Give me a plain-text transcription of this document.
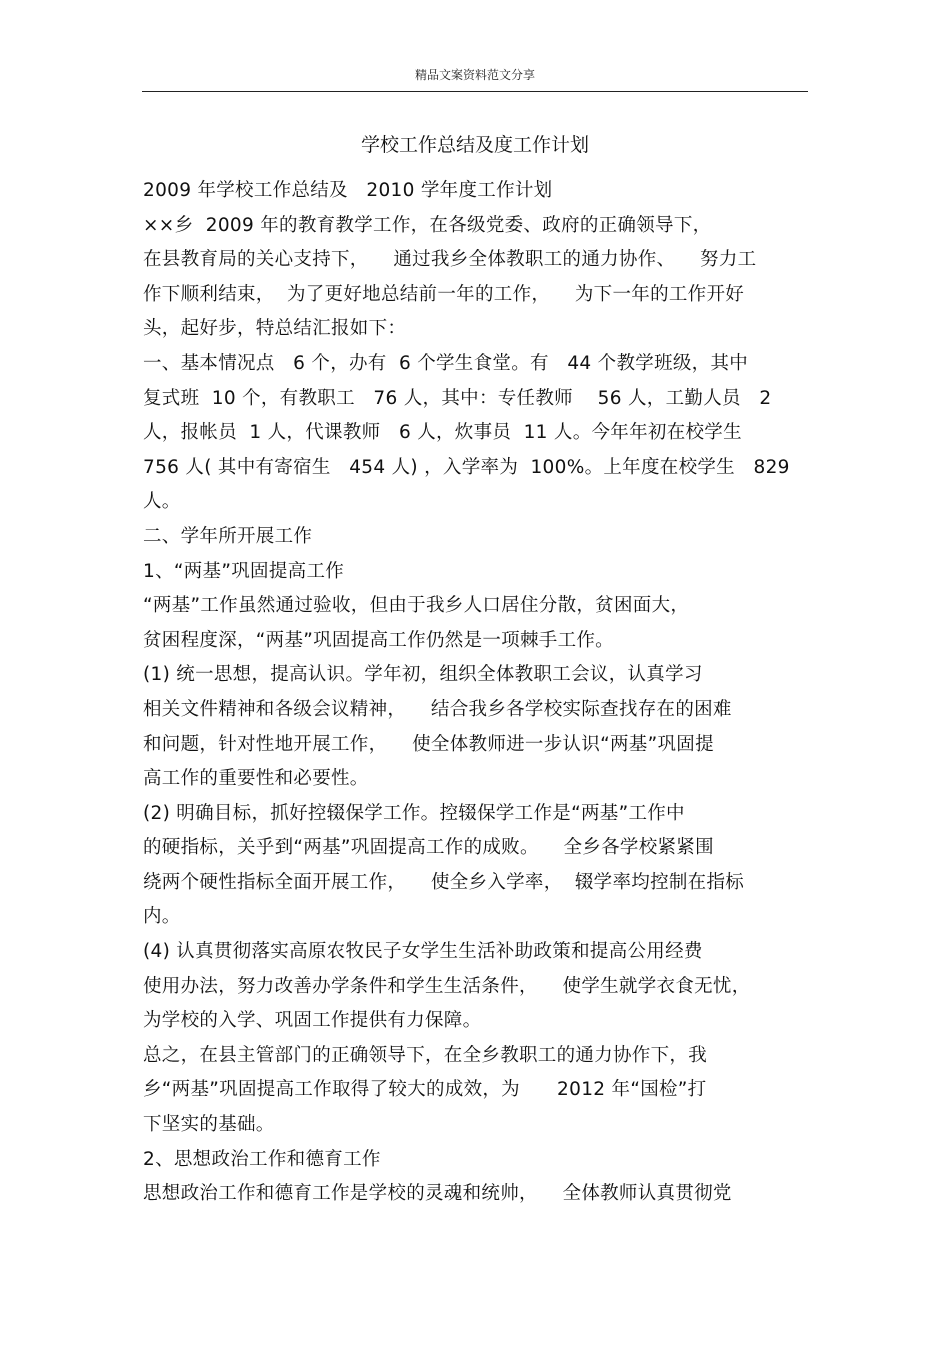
精品文案资料范文分享
学校工作总结及度工作计划
2009 年学校工作总结及   2010 学年度工作计划
××乡  2009 年的教育教学工作，在各级党委、政府的正确领导下，
在县教育局的关心支持下，    通过我乡全体教职工的通力协作、    努力工
作下顺利结束，  为了更好地总结前一年的工作，    为下一年的工作开好
头，起好步，特总结汇报如下：
一、基本情况点   6 个，办有  6 个学生食堂。有   44 个教学班级，其中
复式班  10 个，有教职工   76 人，其中：专任教师    56 人，工勤人员   2
人，报帐员  1 人，代课教师   6 人，炊事员  11 人。今年年初在校学生
756 人( 其中有寄宿生   454 人) ，入学率为  100%。上年度在校学生   829
人。
二、学年所开展工作
1、“两基”巩固提高工作
“两基”工作虽然通过验收，但由于我乡人口居住分散，贫困面大，
贫困程度深，“两基”巩固提高工作仍然是一项棘手工作。
(1) 统一思想，提高认识。学年初，组织全体教职工会议，认真学习
相关文件精神和各级会议精神，    结合我乡各学校实际查找存在的困难
和问题，针对性地开展工作，    使全体教师进一步认识“两基”巩固提
高工作的重要性和必要性。
(2) 明确目标，抓好控辍保学工作。控辍保学工作是“两基”工作中
的硬指标，关乎到“两基”巩固提高工作的成败。    全乡各学校紧紧围
绕两个硬性指标全面开展工作，    使全乡入学率，  辍学率均控制在指标
内。
(4) 认真贯彻落实高原农牧民子女学生生活补助政策和提高公用经费
使用办法，努力改善办学条件和学生生活条件，    使学生就学衣食无忧，
为学校的入学、巩固工作提供有力保障。
总之，在县主管部门的正确领导下，在全乡教职工的通力协作下，我
乡“两基”巩固提高工作取得了较大的成效，为      2012 年“国检”打
下坚实的基础。
2、思想政治工作和德育工作
思想政治工作和德育工作是学校的灵魂和统帅，    全体教师认真贯彻党
